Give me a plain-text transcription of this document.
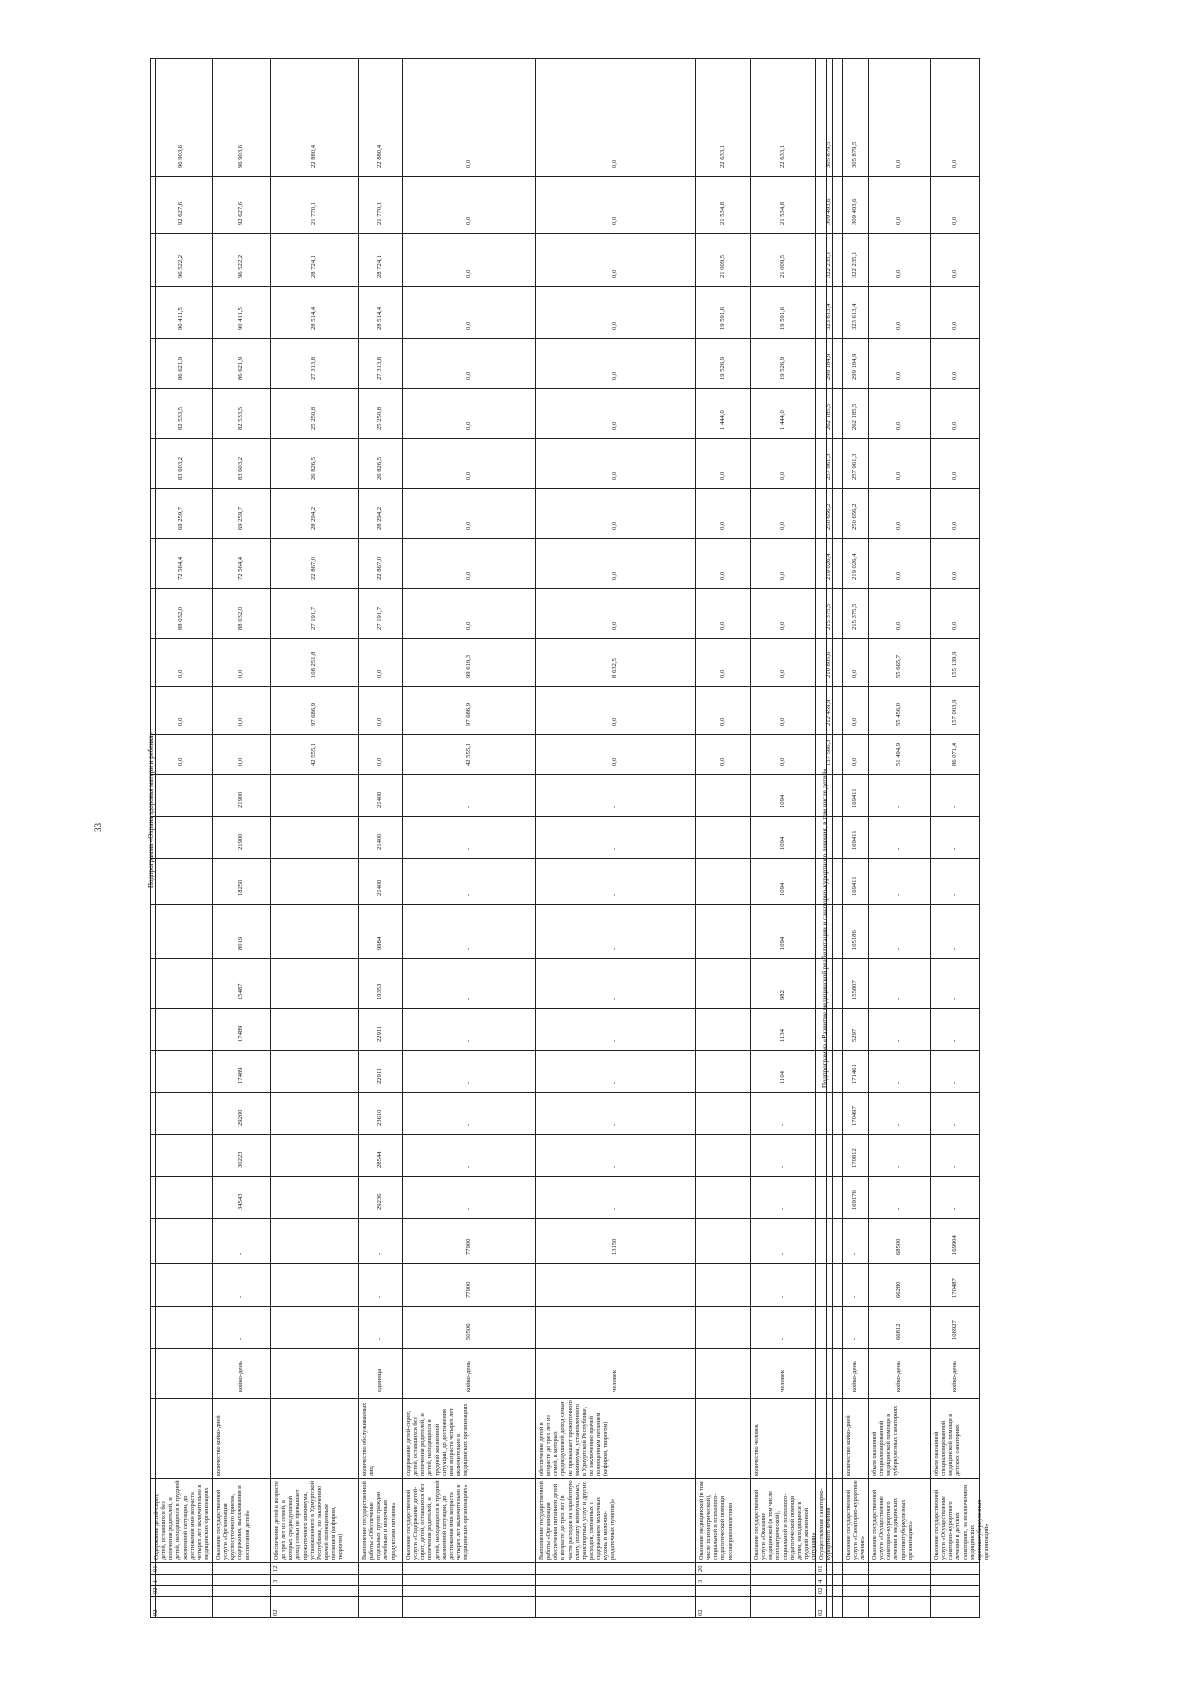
33	Подпрограмма «Охрана здоровья матери и ребенка»	Подпрограмма «Развитие медицинской реабилитации и санаторно-курортного лечения, в том числе детей»
02
02
1
01
Содержание детей-сирот, детей, оставшихся без попечения родителей, и детей, находящихся в трудной жизненной ситуации, до достижения ими возраста четырех лет включительно в медицинских организациях
0,0
0,0
0,0
88 032,0
72 564,4
69 259,7
83 603,2
82 533,5
86 621,9
90 411,5
96 522,2
92 627,6
96 903,6
Оказание государственной услуги «Организация круглосуточного приема, содержания, выхаживания и воспитания детей»
количество койко-дней
койко-день
-
-
-
34543
30223
29200
17489
17489
15487
8019
18250
21900
21900
0,0
0,0
0,0
88 032,0
72 564,4
69 259,7
83 603,2
82 533,5
86 621,9
90 411,5
96 522,2
92 627,6
96 903,6
02
3
12
Обеспечение детей в возрасте до трех лет из семей, в которых среднедушевой доход семьи не превышает прожиточного минимума, установленного в Удмуртской Республике, по заключению врачей полноценным питанием (кефиром, творогом)
42 555,1
97 686,9
108 251,8
27 191,7
22 867,0
28 294,2
26 826,5
25 250,8
27 313,8
28 514,4
28 724,1
21 770,1
22 880,4
Выполнение государственной работы «Обеспечение отдельных групп граждан лечебным и молочным продуктами питания»
количество обслуживаемых лиц
единица
-
-
-
29236
28544
23610
22911
22911
19353
9984
21400
21400
21400
0,0
0,0
0,0
27 191,7
22 867,0
28 294,2
26 826,5
25 250,8
27 313,8
28 514,4
28 724,1
21 770,1
22 880,4
Оказание государственной услуги «Содержание детей-сирот, детей, оставшихся без попечения родителей, и детей, находящихся в трудной жизненной ситуации, до достижения ими возраста четырех лет включительно в медицинских организациях»
содержание детей-сирот, детей, оставшихся без попечения родителей, и детей, находящихся в трудной жизненной ситуации, до достижения ими возраста четырех лет включительно в медицинских организациях
койко-день
50506
77900
77900
-
-
-
-
-
-
-
-
-
-
42 555,1
97 686,9
99 619,3
0,0
0,0
0,0
0,0
0,0
0,0
0,0
0,0
0,0
0,0
Выполнение государственной работы «Организация обеспечения питанием детей в возрасте до трех лет (в части расходов на заработную плату, оплату коммунальных, транспортных услуг и других расходов, связанных с содержанием молочных кухонь и молочно-раздаточных пунктов)»
обеспечение детей в возрасте до трех лет из семей, в которых среднедушевой доход семьи не превышает прожиточного минимума, установленного в Удмуртской Республике, по заключению врачей полноценным питанием (кефиром, творогом)
человек
13150
-
-
-
-
-
-
-
-
-
-
0,0
0,0
8 632,5
0,0
0,0
0,0
0,0
0,0
0,0
0,0
0,0
0,0
0,0
02
3
20
Оказание медицинской (в том числе психиатрической), социальной и психолого-педагогической помощи несовершеннолетним
0,0
0,0
0,0
0,0
0,0
0,0
0,0
1 444,0
19 526,9
19 591,6
21 009,5
21 534,8
22 633,1
Оказание государственной услуги «Оказание медицинской (в том числе психиатрической), социальной и психолого-педагогической помощи детям, находящимся в трудной жизненной ситуации»
количество человек
человек
-
-
-
-
-
-
1104
1134
982
1094
1094
1094
1094
0,0
0,0
0,0
0,0
0,0
0,0
0,0
1 444,0
19 526,9
19 591,6
21 009,5
21 534,8
22 633,1
02
02
4
01
Осуществление санаторно-курортного лечения
137 566,3
212 459,9
210 805,6
215 375,5
219 026,4
250 656,2
257 961,3
262 185,5
299 184,9
323 613,4
322 235,1
309 493,6
305 879,5
Оказание государственной услуги «Санаторно-курортное лечение»
количество койко-дней
койко-день
-
-
-
169176
170812
170497
171461
5297
155807
105186
169411
169411
169411
0,0
0,0
0,0
215 375,5
219 026,4
250 656,2
257 961,3
262 185,5
299 184,9
323 613,4
322 235,1
309 493,6
305 879,5
Оказание государственной услуги «Осуществление санаторно-курортного лечения в медицинских противотуберкулезных организациях»
объем оказанной специализированной медицинской помощи в туберкулезных санаториях
койко-день
66812
66280
68500
-
-
-
-
-
-
-
-
-
-
51 494,9
55 456,0
55 665,7
0,0
0,0
0,0
0,0
0,0
0,0
0,0
0,0
0,0
0,0
Оказание государственной услуги «Осуществление санаторно-курортного лечения в детских санаториях, за исключением медицинских противотуберкулезных организаций»
объем оказанной специализированной медицинской помощи в детских санаториях
койко-день
106927
170487
169904
-
-
-
-
-
-
-
-
-
-
86 071,4
157 003,9
155 139,9
0,0
0,0
0,0
0,0
0,0
0,0
0,0
0,0
0,0
0,0
